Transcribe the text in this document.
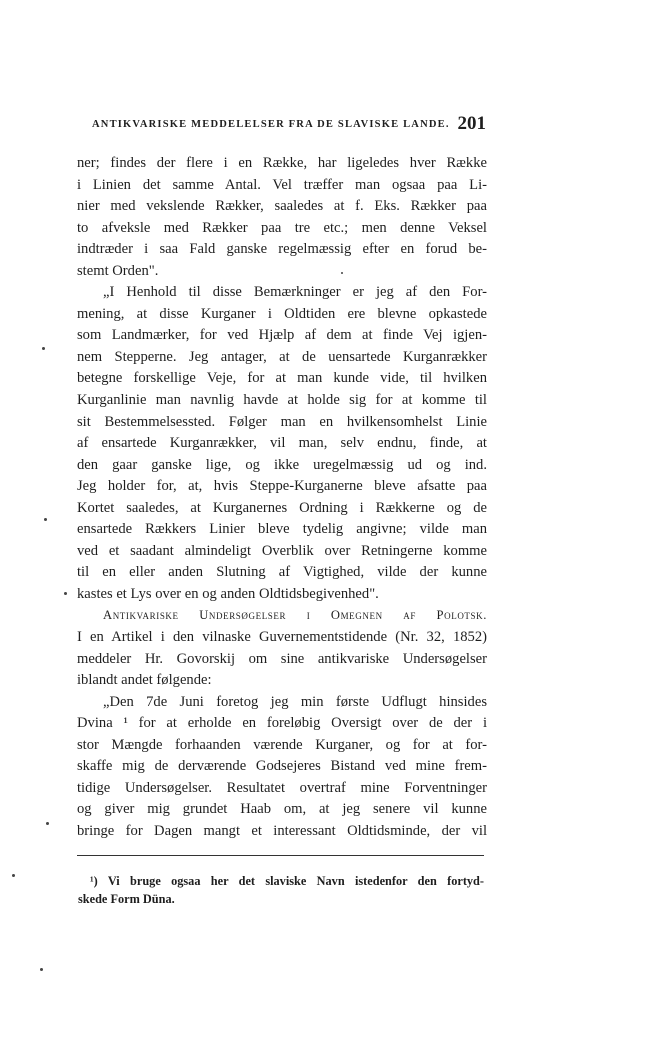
ANTIKVARISKE MEDDELELSER FRA DE SLAVISKE LANDE. 201
ner; findes der flere i en Række, har ligeledes hver Række
i Linien det samme Antal. Vel træffer man ogsaa paa Li-
nier med vekslende Rækker, saaledes at f. Eks. Rækker paa
to afveksle med Rækker paa tre etc.; men denne Veksel
indtræder i saa Fald ganske regelmæssig efter en forud be-
stemt Orden".
„I Henhold til disse Bemærkninger er jeg af den For-
mening, at disse Kurganer i Oldtiden ere blevne opkastede
som Landmærker, for ved Hjælp af dem at finde Vej igjen-
nem Stepperne. Jeg antager, at de uensartede Kurganrækker
betegne forskellige Veje, for at man kunde vide, til hvilken
Kurganlinie man navnlig havde at holde sig for at komme til
sit Bestemmelsessted. Følger man en hvilkensomhelst Linie
af ensartede Kurganrækker, vil man, selv endnu, finde, at
den gaar ganske lige, og ikke uregelmæssig ud og ind.
Jeg holder for, at, hvis Steppe-Kurganerne bleve afsatte paa
Kortet saaledes, at Kurganernes Ordning i Rækkerne og de
ensartede Rækkers Linier bleve tydelig angivne; vilde man
ved et saadant almindeligt Overblik over Retningerne komme
til en eller anden Slutning af Vigtighed, vilde der kunne
kastes et Lys over en og anden Oldtidsbegivenhed".
Antikvariske Undersøgelser i Omegnen af Polotsk.
I en Artikel i den vilnaske Guvernementstidende (Nr. 32, 1852)
meddeler Hr. Govorskij om sine antikvariske Undersøgelser
iblandt andet følgende:
„Den 7de Juni foretog jeg min første Udflugt hinsides
Dvina ¹ for at erholde en foreløbig Oversigt over de der i
stor Mængde forhaanden værende Kurganer, og for at for-
skaffe mig de derværende Godsejeres Bistand ved mine frem-
tidige Undersøgelser. Resultatet overtraf mine Forventninger
og giver mig grundet Haab om, at jeg senere vil kunne
bringe for Dagen mangt et interessant Oldtidsminde, der vil
¹) Vi bruge ogsaa her det slaviske Navn istedenfor den fortyd-
skede Form Düna.
